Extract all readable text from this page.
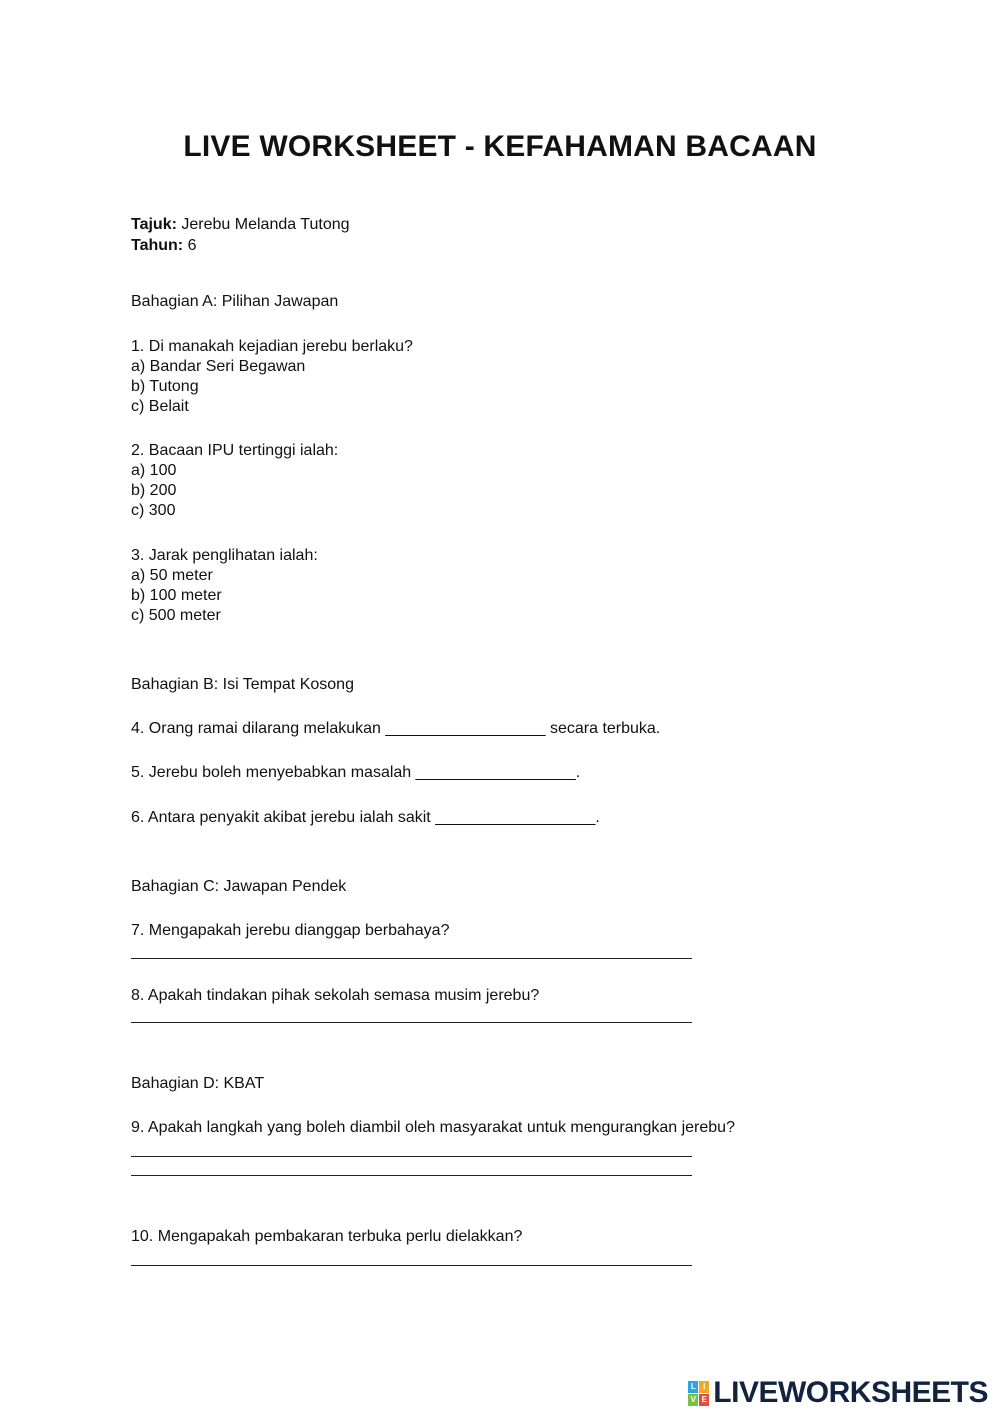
LIVE WORKSHEET - KEFAHAMAN BACAAN
Tajuk: Jerebu Melanda Tutong
Tahun: 6
Bahagian A: Pilihan Jawapan
1. Di manakah kejadian jerebu berlaku?
a) Bandar Seri Begawan
b) Tutong
c) Belait
2. Bacaan IPU tertinggi ialah:
a) 100
b) 200
c) 300
3. Jarak penglihatan ialah:
a) 50 meter
b) 100 meter
c) 500 meter
Bahagian B: Isi Tempat Kosong
4. Orang ramai dilarang melakukan __________________ secara terbuka.
5. Jerebu boleh menyebabkan masalah __________________.
6. Antara penyakit akibat jerebu ialah sakit __________________.
Bahagian C: Jawapan Pendek
7. Mengapakah jerebu dianggap berbahaya?
8. Apakah tindakan pihak sekolah semasa musim jerebu?
Bahagian D: KBAT
9. Apakah langkah yang boleh diambil oleh masyarakat untuk mengurangkan jerebu?
10. Mengapakah pembakaran terbuka perlu dielakkan?
L I
V E LIVEWORKSHEETS
